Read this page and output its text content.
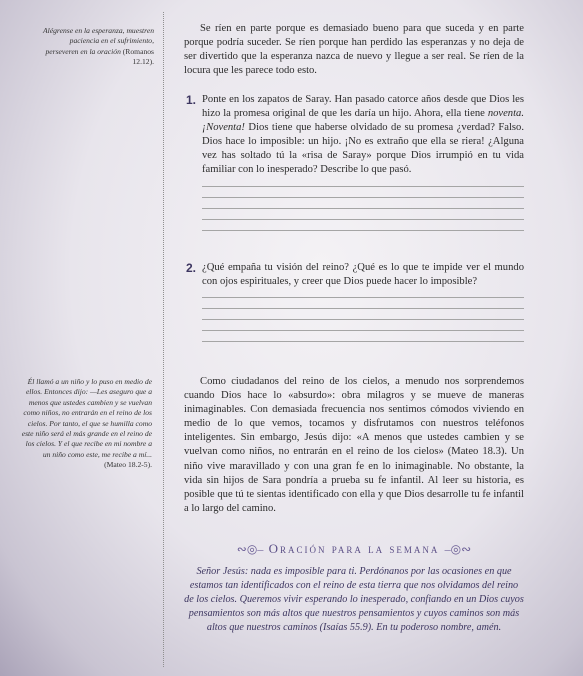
Alégrense en la esperanza, muestren paciencia en el sufrimiento, perseveren en la oración (Romanos 12.12).
Él llamó a un niño y lo puso en medio de ellos. Entonces dijo: —Les aseguro que a menos que ustedes cambien y se vuelvan como niños, no entrarán en el reino de los cielos. Por tanto, el que se humilla como este niño será el más grande en el reino de los cielos. Y el que recibe en mi nombre a un niño como este, me recibe a mí... (Mateo 18.2-5).

Se ríen en parte porque es demasiado bueno para que suceda y en parte porque podría suceder. Se ríen porque han perdido las esperanzas y no deja de ser divertido que la esperanza nazca de nuevo y llegue a ser real. Se ríen de la locura que les parece todo esto.

1. Ponte en los zapatos de Saray. Han pasado catorce años desde que Dios les hizo la promesa original de que les daría un hijo. Ahora, ella tiene noventa. ¡Noventa! Dios tiene que haberse olvidado de su promesa ¿verdad? Falso. Dios hace lo imposible: un hijo. ¡No es extraño que ella se riera! ¿Alguna vez has soltado tú la «risa de Saray» porque Dios irrumpió en tu vida familiar con lo inesperado? Describe lo que pasó.

2. ¿Qué empaña tu visión del reino? ¿Qué es lo que te impide ver el mundo con ojos espirituales, y creer que Dios puede hacer lo imposible?

Como ciudadanos del reino de los cielos, a menudo nos sorprendemos cuando Dios hace lo «absurdo»: obra milagros y se mueve de maneras inimaginables. Con demasiada frecuencia nos sentimos cómodos viviendo en medio de lo que vemos, tocamos y disfrutamos con nuestros teléfonos inteligentes. Sin embargo, Jesús dijo: «A menos que ustedes cambien y se vuelvan como niños, no entrarán en el reino de los cielos» (Mateo 18.3). Un niño vive maravillado y con una gran fe en lo inimaginable. No obstante, la vida sin hijos de Sara pondría a prueba su fe infantil. Al leer su historia, es posible que tú te sientas identificado con ella y que Dios desarrolle tu fe infantil a lo largo del camino.

∾◎– Oración para la semana –◎∾

Señor Jesús: nada es imposible para ti. Perdónanos por las ocasiones en que estamos tan identificados con el reino de esta tierra que nos olvidamos del reino de los cielos. Queremos vivir esperando lo inesperado, confiando en un Dios cuyos pensamientos son más altos que nuestros pensamientos y cuyos caminos son más altos que nuestros caminos (Isaías 55.9). En tu poderoso nombre, amén.
